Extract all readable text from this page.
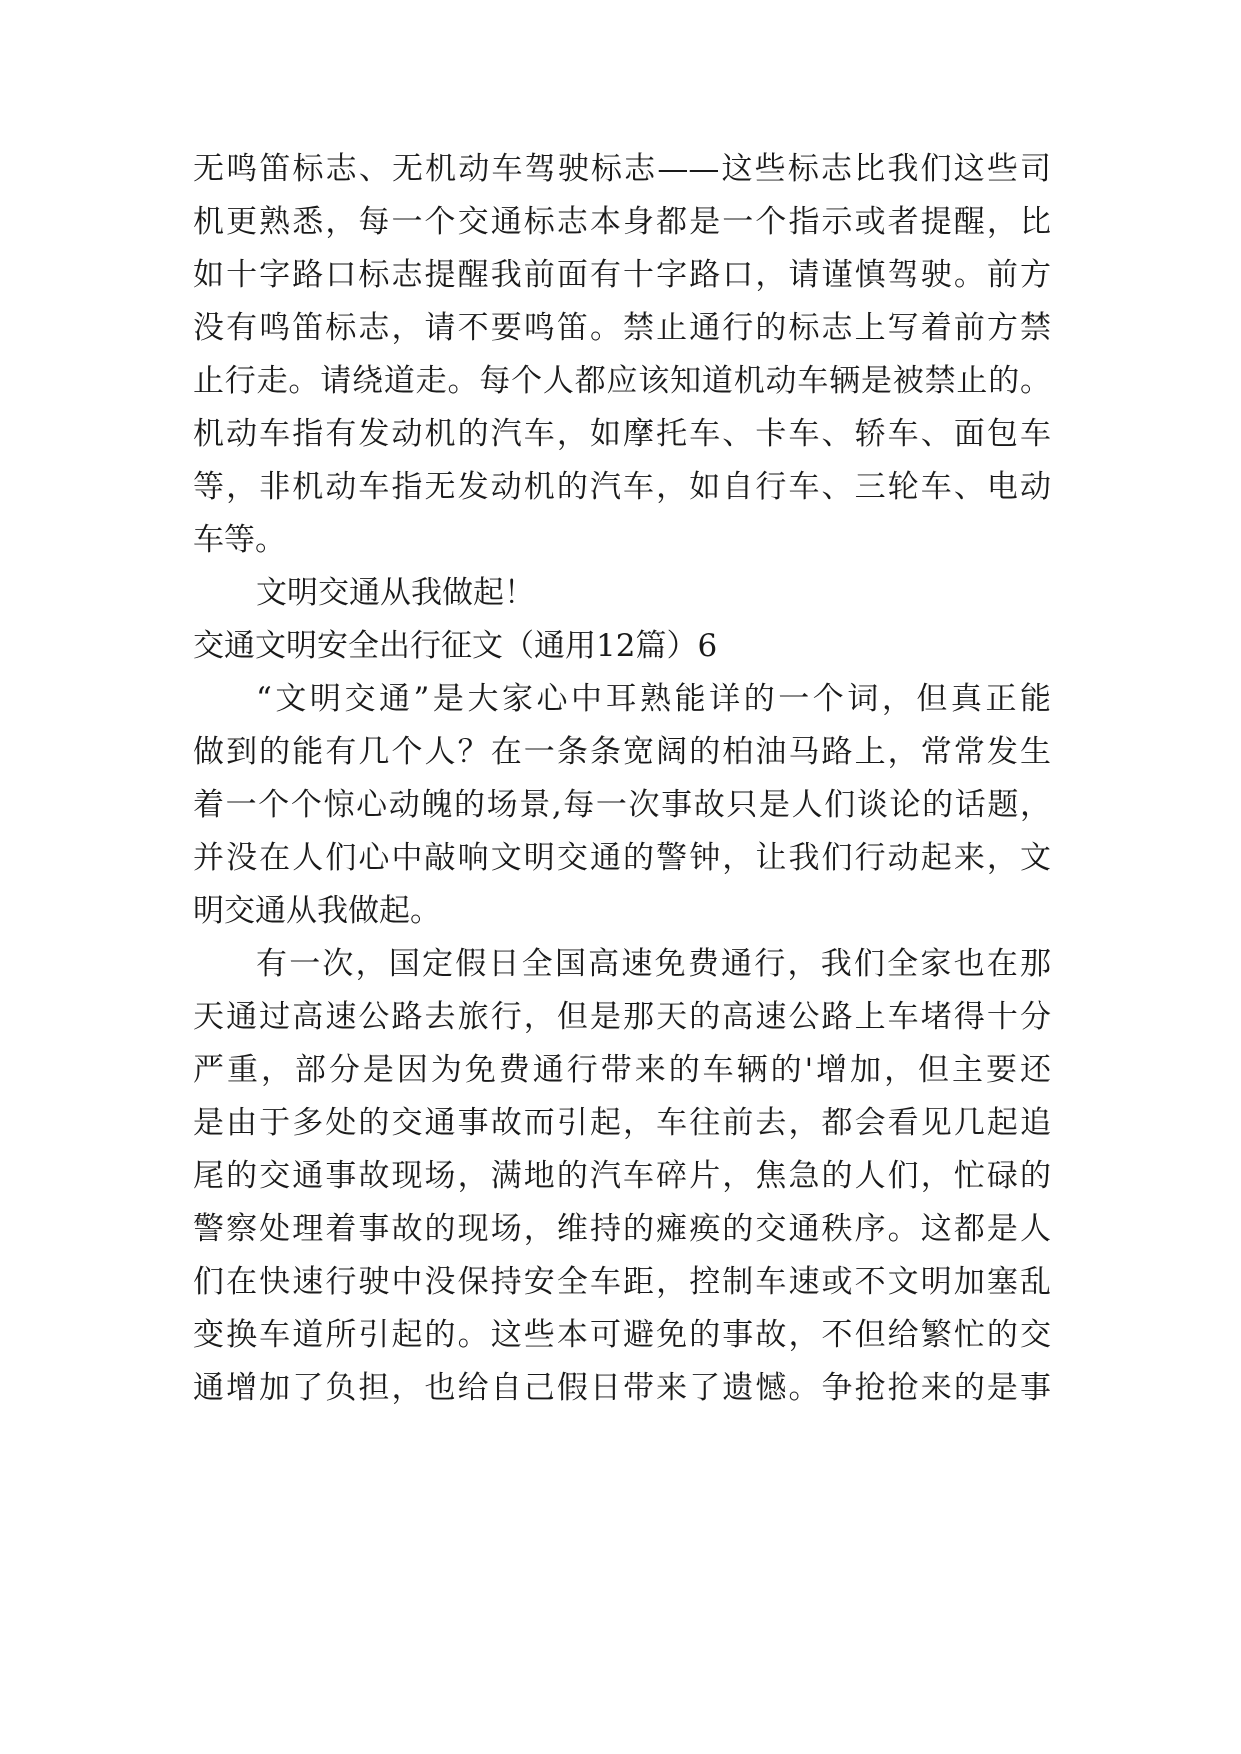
无鸣笛标志、无机动车驾驶标志——这些标志比我们这些司

机更熟悉，每一个交通标志本身都是一个指示或者提醒，比

如十字路口标志提醒我前面有十字路口，请谨慎驾驶。前方

没有鸣笛标志，请不要鸣笛。禁止通行的标志上写着前方禁

止行走。请绕道走。每个人都应该知道机动车辆是被禁止的。

机动车指有发动机的汽车，如摩托车、卡车、轿车、面包车

等，非机动车指无发动机的汽车，如自行车、三轮车、电动

车等。

文明交通从我做起！

交通文明安全出行征文（通用12篇）6

“文明交通”是大家心中耳熟能详的一个词，但真正能

做到的能有几个人？在一条条宽阔的柏油马路上，常常发生

着一个个惊心动魄的场景,每一次事故只是人们谈论的话题，

并没在人们心中敲响文明交通的警钟，让我们行动起来，文

明交通从我做起。

有一次，国定假日全国高速免费通行，我们全家也在那

天通过高速公路去旅行，但是那天的高速公路上车堵得十分

严重，部分是因为免费通行带来的车辆的'增加，但主要还

是由于多处的交通事故而引起，车往前去，都会看见几起追

尾的交通事故现场，满地的汽车碎片，焦急的人们，忙碌的

警察处理着事故的现场，维持的瘫痪的交通秩序。这都是人

们在快速行驶中没保持安全车距，控制车速或不文明加塞乱

变换车道所引起的。这些本可避免的事故，不但给繁忙的交

通增加了负担，也给自己假日带来了遗憾。争抢抢来的是事
